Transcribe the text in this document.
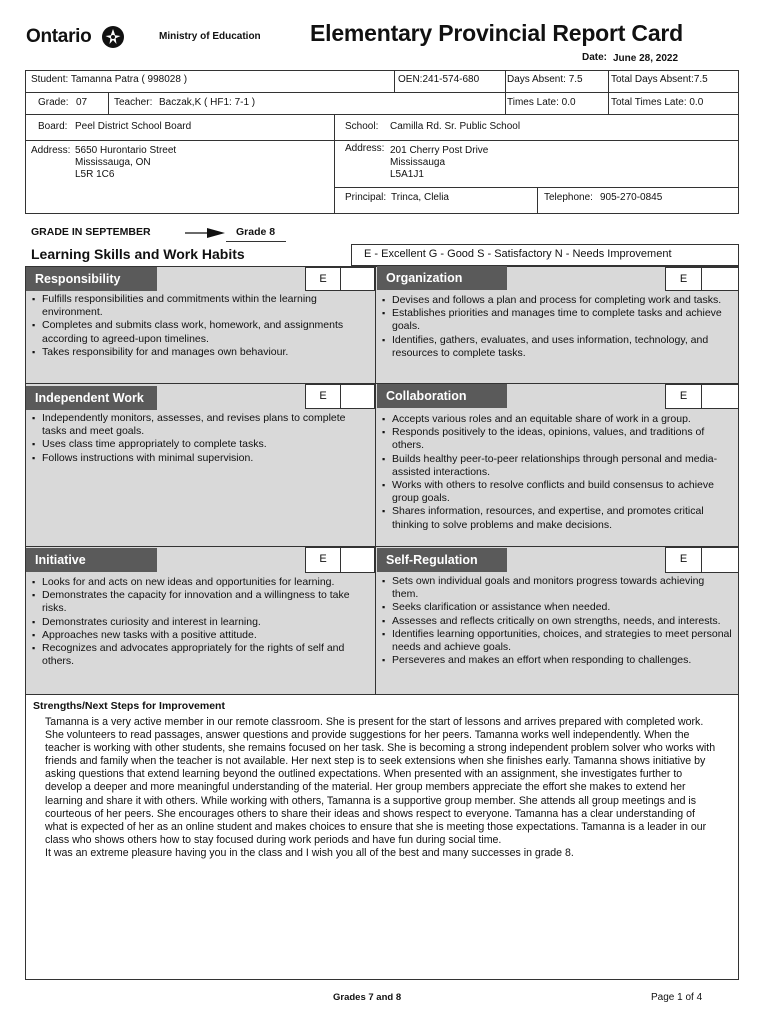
Ontario	Ministry of Education Elementary Provincial Report Card
Date: June 28, 2022
Student: Tamanna Patra ( 998028 )	OEN:241-574-680	Days Absent: 7.5	Total Days Absent:7.5
Grade: 07	Teacher: Baczak,K ( HF1: 7-1 )	Times Late: 0.0	Total Times Late: 0.0
Board: Peel District School Board	School: Camilla Rd. Sr. Public School
Address: 5650 Hurontario Street
Mississauga, ON
L5R 1C6
Address: 201 Cherry Post Drive
Mississauga
L5A1J1
Principal: Trinca, Clelia	Telephone: 905-270-0845
GRADE IN SEPTEMBER	Grade 8
Learning Skills and Work Habits	E - Excellent G - Good S - Satisfactory N - Needs Improvement
Responsibility	E
▪ Fulfills responsibilities and commitments within the learning environment.
▪ Completes and submits class work, homework, and assignments according to agreed-upon timelines.
▪ Takes responsibility for and manages own behaviour.
Organization	E
▪ Devises and follows a plan and process for completing work and tasks.
▪ Establishes priorities and manages time to complete tasks and achieve goals.
▪ Identifies, gathers, evaluates, and uses information, technology, and resources to complete tasks.
Independent Work	E
▪ Independently monitors, assesses, and revises plans to complete tasks and meet goals.
▪ Uses class time appropriately to complete tasks.
▪ Follows instructions with minimal supervision.
Collaboration	E
▪ Accepts various roles and an equitable share of work in a group.
▪ Responds positively to the ideas, opinions, values, and traditions of others.
▪ Builds healthy peer-to-peer relationships through personal and media-assisted interactions.
▪ Works with others to resolve conflicts and build consensus to achieve group goals.
▪ Shares information, resources, and expertise, and promotes critical thinking to solve problems and make decisions.
Initiative	E
▪ Looks for and acts on new ideas and opportunities for learning.
▪ Demonstrates the capacity for innovation and a willingness to take risks.
▪ Demonstrates curiosity and interest in learning.
▪ Approaches new tasks with a positive attitude.
▪ Recognizes and advocates appropriately for the rights of self and others.
Self-Regulation	E
▪ Sets own individual goals and monitors progress towards achieving them.
▪ Seeks clarification or assistance when needed.
▪ Assesses and reflects critically on own strengths, needs, and interests.
▪ Identifies learning opportunities, choices, and strategies to meet personal needs and achieve goals.
▪ Perseveres and makes an effort when responding to challenges.
Strengths/Next Steps for Improvement

Tamanna is a very active member in our remote classroom. She is present for the start of lessons and arrives prepared with completed work. She volunteers to read passages, answer questions and provide suggestions for her peers. Tamanna works well independently. When the teacher is working with other students, she remains focused on her task. She is becoming a strong independent problem solver who works with friends and family when the teacher is not available. Her next step is to seek extensions when she finishes early. Tamanna shows initiative by asking questions that extend learning beyond the outlined expectations. When presented with an assignment, she investigates further to develop a deeper and more meaningful understanding of the material. Her group members appreciate the effort she makes to extend her learning and share it with others. While working with others, Tamanna is a supportive group member. She attends all group meetings and is courteous of her peers. She encourages others to share their ideas and shows respect to everyone. Tamanna has a clear understanding of what is expected of her as an online student and makes choices to ensure that she is meeting those expectations. Tamanna is a leader in our class who shows others how to stay focused during work periods and have fun during social time.

It was an extreme pleasure having you in the class and I wish you all of the best and many successes in grade 8.

Grades 7 and 8	Page 1 of 4
